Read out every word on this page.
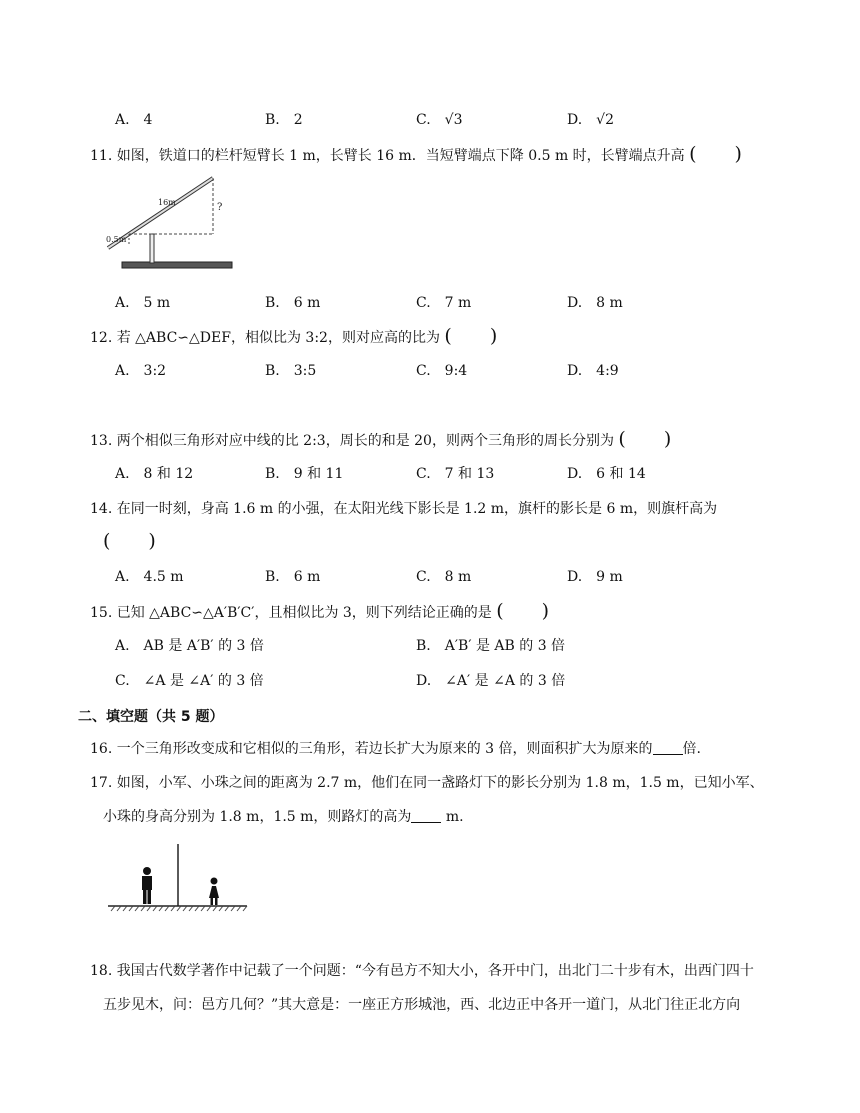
A.　4	B.　2	C.　√3	D.　√2
11. 如图，铁道口的栏杆短臂长 1 m，长臂长 16 m．当短臂端点下降 0.5 m 时，长臂端点升高 (　　)
16m
0.5m
?
A.　5 m	B.　6 m	C.　7 m	D.　8 m
12. 若 △ABC∽△DEF，相似比为 3:2，则对应高的比为 (　　)
A.　3:2	B.　3:5	C.　9:4	D.　4:9
13. 两个相似三角形对应中线的比 2:3，周长的和是 20，则两个三角形的周长分别为 (　　)
A.　8 和 12	B.　9 和 11	C.　7 和 13	D.　6 和 14
14. 在同一时刻，身高 1.6 m 的小强，在太阳光线下影长是 1.2 m，旗杆的影长是 6 m，则旗杆高为
(　　)
A.　4.5 m	B.　6 m	C.　8 m	D.　9 m
15. 已知 △ABC∽△A′B′C′，且相似比为 3，则下列结论正确的是 (　　)
A.　AB 是 A′B′ 的 3 倍	B.　A′B′ 是 AB 的 3 倍
C.　∠A 是 ∠A′ 的 3 倍	D.　∠A′ 是 ∠A 的 3 倍
二、填空题（共 5 题）
16. 一个三角形改变成和它相似的三角形，若边长扩大为原来的 3 倍，则面积扩大为原来的 倍.
17. 如图，小军、小珠之间的距离为 2.7 m，他们在同一盏路灯下的影长分别为 1.8 m，1.5 m，已知小军、
小珠的身高分别为 1.8 m，1.5 m，则路灯的高为 m.
18. 我国古代数学著作中记载了一个问题：“今有邑方不知大小，各开中门，出北门二十步有木，出西门四十
五步见木，问：邑方几何？”其大意是：一座正方形城池，西、北边正中各开一道门，从北门往正北方向
